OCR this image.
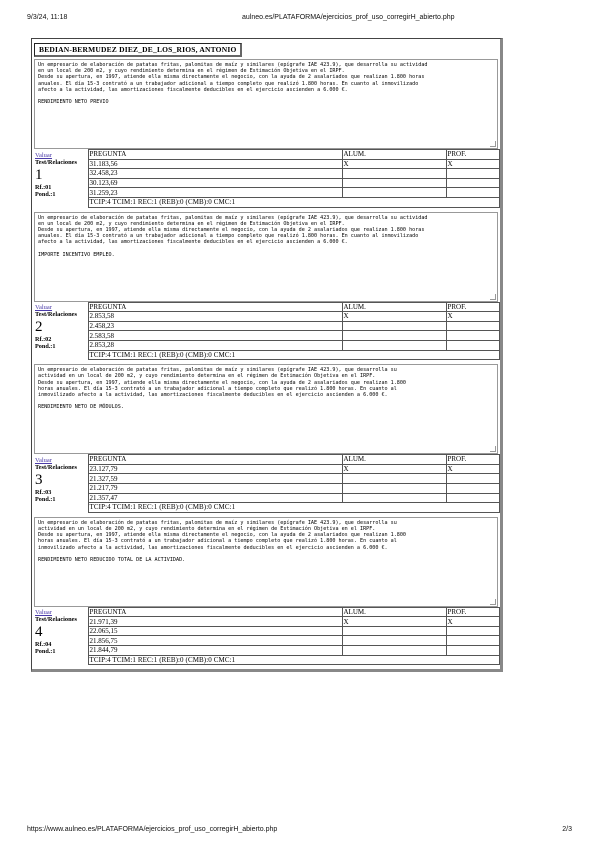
9/3/24, 11:18	aulneo.es/PLATAFORMA/ejercicios_prof_uso_corregirH_abierto.php
BEDIAN-BERMUDEZ DIEZ_DE_LOS_RIOS, ANTONIO
Un empresario de elaboración de patatas fritas, palomitas de maíz y similares (epígrafe IAE 423.9), que desarrolla su actividad
en un local de 200 m2, y cuyo rendimiento determina en el régimen de Estimación Objetiva en el IRPF.
Desde su apertura, en 1997, atiende ella misma directamente el negocio, con la ayuda de 2 asalariados que realizan 1.800 horas
anuales. El día 15-3 contrató a un trabajador adicional a tiempo completo que realizó 1.800 horas. En cuanto al inmovilizado
afecto a la actividad, las amortizaciones fiscalmente deducibles en el ejercicio ascienden a 6.000 €.
RENDIMIENTO NETO PREVIO
Valuar
Test/Relaciones
1
Rf.:01
Pond.:1	PREGUNTA	ALUM.	PROF.
	31.183,56	X	X
	32.458,23		
	30.123,69		
	31.259,23		
	TCIP:4 TCIM:1 REC:1 (REB):0 (CMB):0 CMC:1		
Un empresario de elaboración de patatas fritas, palomitas de maíz y similares (epígrafe IAE 423.9), que desarrolla su actividad
en un local de 200 m2, y cuyo rendimiento determina en el régimen de Estimación Objetiva en el IRPF.
Desde su apertura, en 1997, atiende ella misma directamente el negocio, con la ayuda de 2 asalariados que realizan 1.800 horas
anuales. El día 15-3 contrató a un trabajador adicional a tiempo completo que realizó 1.800 horas. En cuanto al inmovilizado
afecto a la actividad, las amortizaciones fiscalmente deducibles en el ejercicio ascienden a 6.000 €.
IMPORTE INCENTIVO EMPLEO.
Valuar
Test/Relaciones
2
Rf.:02
Pond.:1	PREGUNTA	ALUM.	PROF.
	2.853,58	X	X
	2.458,23		
	2.583,58		
	2.853,28		
	TCIP:4 TCIM:1 REC:1 (REB):0 (CMB):0 CMC:1		
Un empresario de elaboración de patatas fritas, palomitas de maíz y similares (epígrafe IAE 423.9), que desarrolla su
actividad en un local de 200 m2, y cuyo rendimiento determina en el régimen de Estimación Objetiva en el IRPF.
Desde su apertura, en 1997, atiende ella misma directamente el negocio, con la ayuda de 2 asalariados que realizan 1.800
horas anuales. El día 15-3 contrató a un trabajador adicional a tiempo completo que realizó 1.800 horas. En cuanto al
inmovilizado afecto a la actividad, las amortizaciones fiscalmente deducibles en el ejercicio ascienden a 6.000 €.
RENDIMIENTO NETO DE MÓDULOS.
Valuar
Test/Relaciones
3
Rf.:03
Pond.:1	PREGUNTA	ALUM.	PROF.
	23.127,79	X	X
	21.327,59		
	21.217,79		
	21.357,47		
	TCIP:4 TCIM:1 REC:1 (REB):0 (CMB):0 CMC:1		
Un empresario de elaboración de patatas fritas, palomitas de maíz y similares (epígrafe IAE 423.9), que desarrolla su
actividad en un local de 200 m2, y cuyo rendimiento determina en el régimen de Estimación Objetiva en el IRPF.
Desde su apertura, en 1997, atiende ella misma directamente el negocio, con la ayuda de 2 asalariados que realizan 1.800
horas anuales. El día 15-3 contrató a un trabajador adicional a tiempo completo que realizó 1.800 horas. En cuanto al
inmovilizado afecto a la actividad, las amortizaciones fiscalmente deducibles en el ejercicio ascienden a 6.000 €.
RENDIMIENTO NETO REDUCIDO TOTAL DE LA ACTIVIDAD.
Valuar
Test/Relaciones
4
Rf.:04
Pond.:1	PREGUNTA	ALUM.	PROF.
	21.971,39	X	X
	22.065,15		
	21.856,75		
	21.844,79		
	TCIP:4 TCIM:1 REC:1 (REB):0 (CMB):0 CMC:1		
https://www.aulneo.es/PLATAFORMA/ejercicios_prof_uso_corregirH_abierto.php	2/3
